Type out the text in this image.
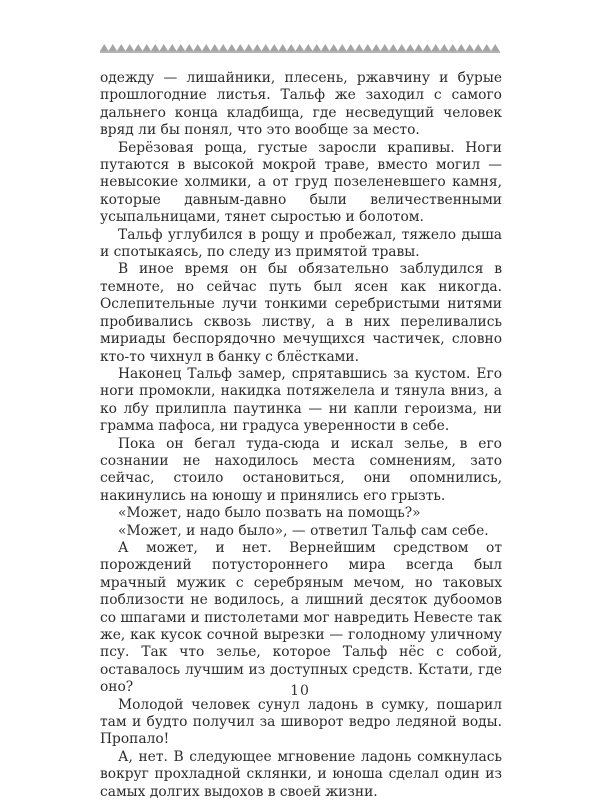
одежду — лишайники, плесень, ржавчину и бурые прошлогодние листья. Тальф же заходил с самого дальнего конца кладбища, где несведущий человек вряд ли бы понял, что это вообще за место.

Берёзовая роща, густые заросли крапивы. Ноги путаются в высокой мокрой траве, вместо могил — невысокие холмики, а от груд позеленевшего камня, которые давным-давно были величественными усыпальницами, тянет сыростью и болотом.

Тальф углубился в рощу и пробежал, тяжело дыша и спотыкаясь, по следу из примятой травы.

В иное время он бы обязательно заблудился в темноте, но сейчас путь был ясен как никогда. Ослепительные лучи тонкими серебристыми нитями пробивались сквозь листву, а в них переливались мириады беспорядочно мечущихся частичек, словно кто-то чихнул в банку с блёстками.

Наконец Тальф замер, спрятавшись за кустом. Его ноги промокли, накидка потяжелела и тянула вниз, а ко лбу прилипла паутинка — ни капли героизма, ни грамма пафоса, ни градуса уверенности в себе.

Пока он бегал туда-сюда и искал зелье, в его сознании не находилось места сомнениям, зато сейчас, стоило остановиться, они опомнились, накинулись на юношу и принялись его грызть.

«Может, надо было позвать на помощь?»

«Может, и надо было», — ответил Тальф сам себе.

А может, и нет. Вернейшим средством от порождений потустороннего мира всегда был мрачный мужик с серебряным мечом, но таковых поблизости не водилось, а лишний десяток дубоомов со шпагами и пистолетами мог навредить Невесте так же, как кусок сочной вырезки — голодному уличному псу. Так что зелье, которое Тальф нёс с собой, оставалось лучшим из доступных средств. Кстати, где оно?

Молодой человек сунул ладонь в сумку, пошарил там и будто получил за шиворот ведро ледяной воды. Пропало!

А, нет. В следующее мгновение ладонь сомкнулась вокруг прохладной склянки, и юноша сделал один из самых долгих выдохов в своей жизни.

10
